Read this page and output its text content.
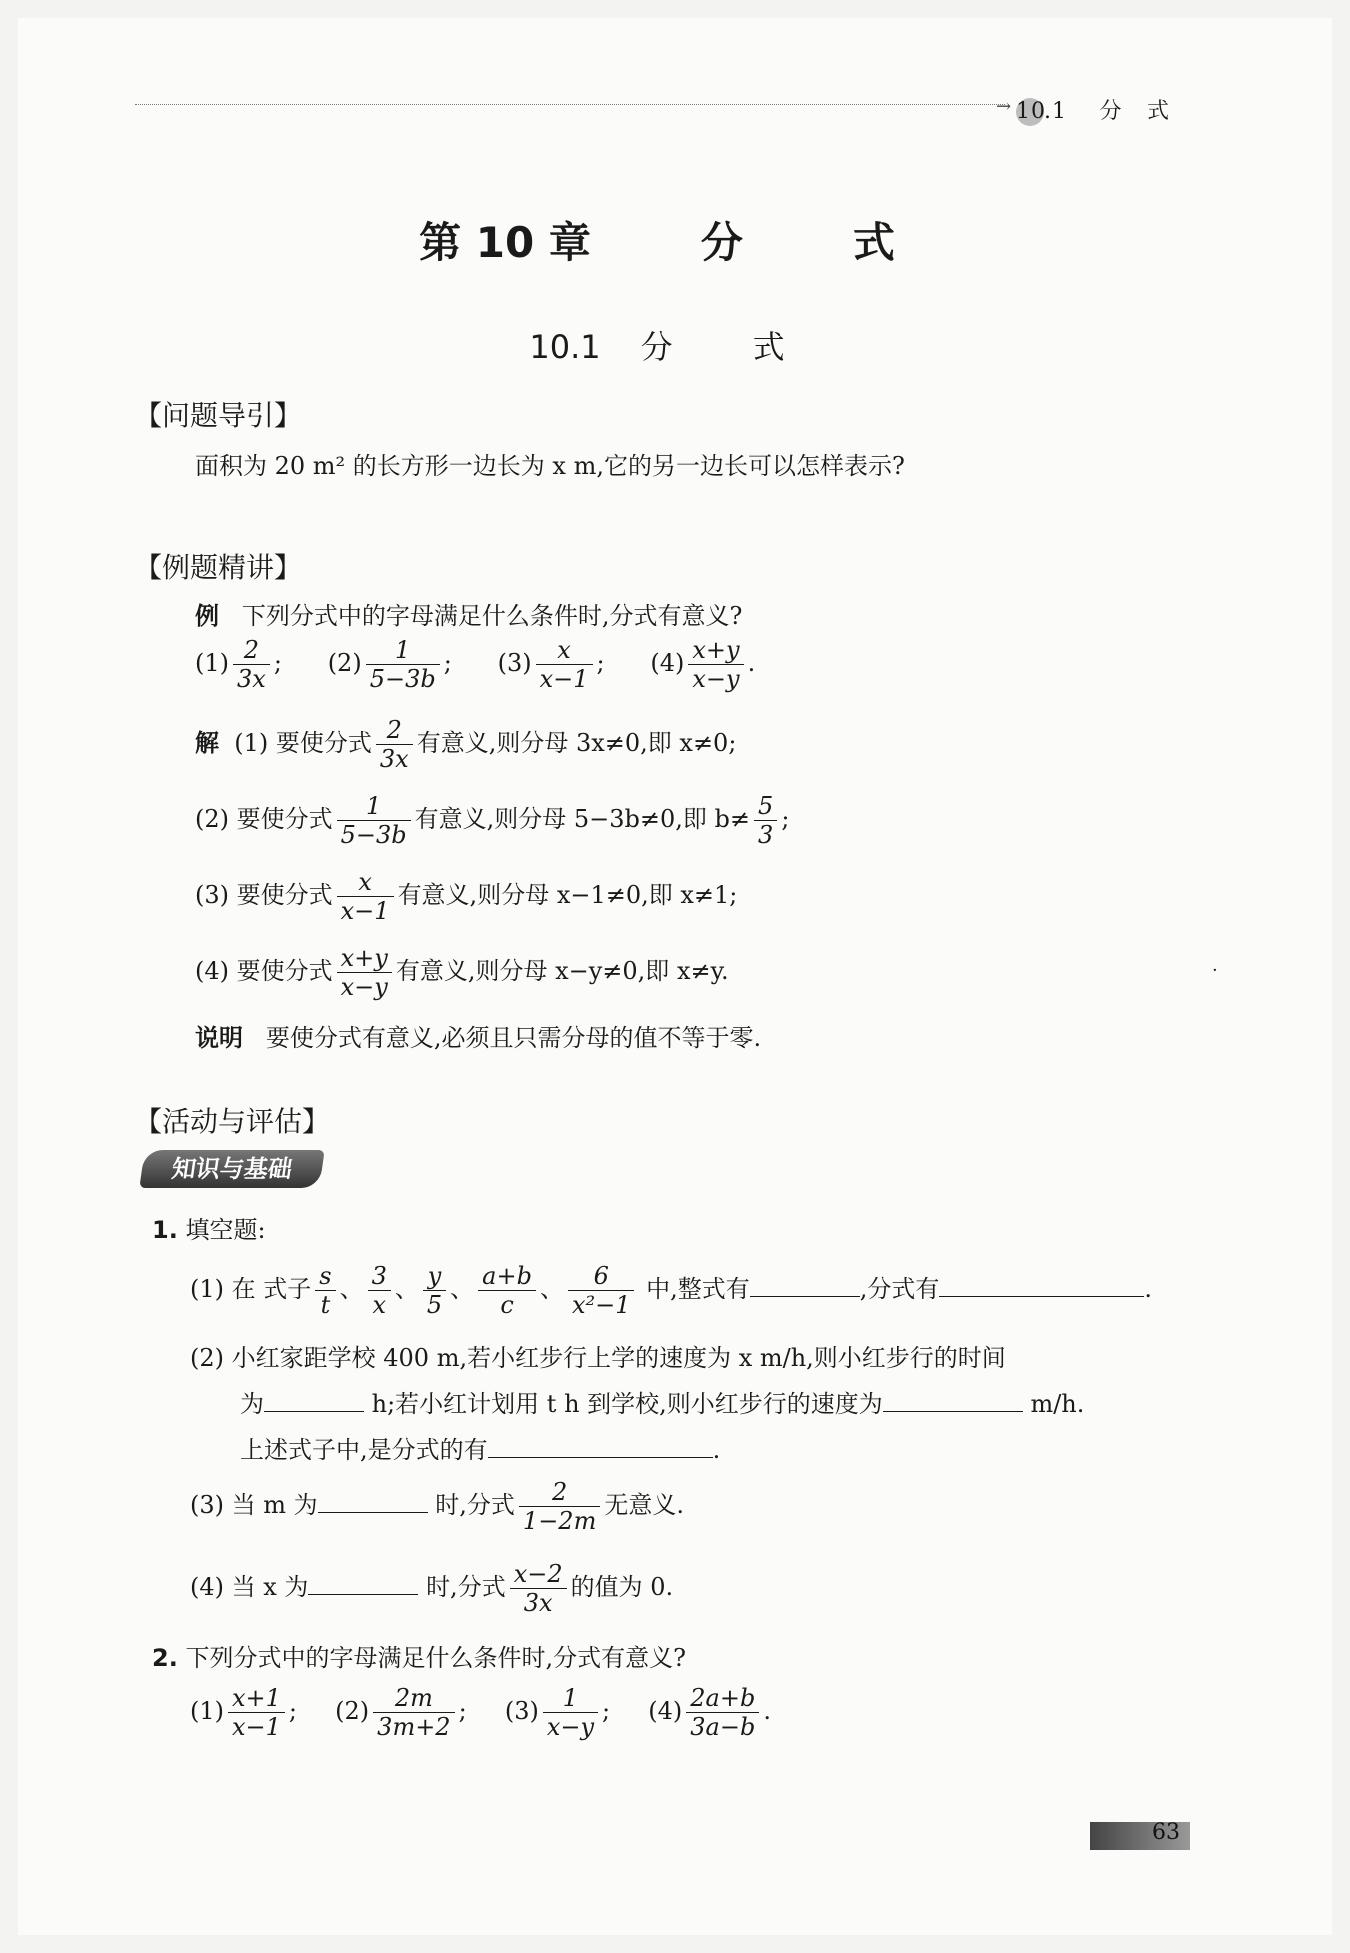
→ 10.1 分 式
第 10 章	分	式
10.1 分	式
【问题导引】
面积为 20 m² 的长方形一边长为 x m,它的另一边长可以怎样表示?
【例题精讲】
例 下列分式中的字母满足什么条件时,分式有意义?
$(1) \frac{2}{3x}$ ; $(2) \frac{1}{5-3b}$ ; $(3) \frac{x}{x-1}$ ; $(4) \frac{x+y}{x-y}$ .
解 (1) 要使分式 $\frac{2}{3x}$ 有意义,则分母 3x≠0,即 x≠0;
(2) 要使分式 $\frac{1}{5-3b}$ 有意义,则分母 5−3b≠0,即 $b\ne \frac{5}{3}$ ;
(3) 要使分式 $\frac{x}{x-1}$ 有意义,则分母 x−1≠0,即 x≠1;
(4) 要使分式 $\frac{x+y}{x-y}$ 有意义,则分母 x−y≠0,即 x≠y.
说明 要使分式有意义,必须且只需分母的值不等于零.
·
【活动与评估】
知识与基础
1. 填空题:
(1) 在 式子 $\frac{s}{t}$ 、 $\frac{3}{x}$ 、 $\frac{y}{5}$ 、 $\frac{a+b}{c}$ 、 $\frac{6}{\text{x²−1}}$ 中,整式有	,分式有	.
(2) 小红家距学校 400 m,若小红步行上学的速度为 x m/h,则小红步行的时间
为	h;若小红计划用 t h 到学校,则小红步行的速度为	m/h.
上述式子中,是分式的有	.
(3) 当 m 为	时,分式 $\frac{2}{1-2m}$ 无意义.
(4) 当 x 为	时,分式 $\frac{x-2}{3x}$ 的值为 0.
2. 下列分式中的字母满足什么条件时,分式有意义?
$(1) \frac{x+1}{x-1}$ ; $(2) \frac{2m}{3m+2}$ ; $(3) \frac{1}{x-y}$ ; $(4) \frac{2a+b}{3a-b}$ .
63
